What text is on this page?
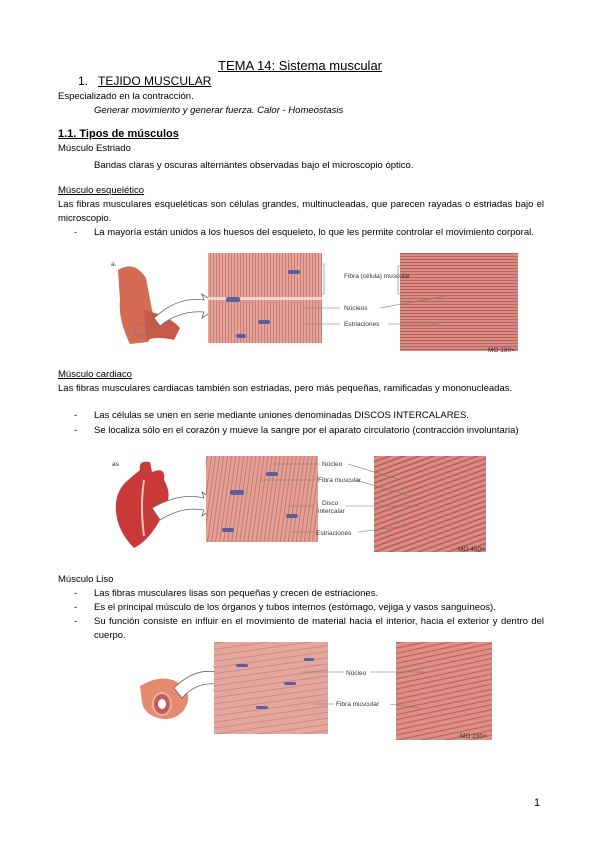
TEMA 14: Sistema muscular
1. TEJIDO MUSCULAR
Especializado en la contracción.
Generar movimiento y generar fuerza. Calor - Homeostasis
1.1. Tipos de músculos
Músculo Estriado
Bandas claras y oscuras alternantes observadas bajo el microscopio óptico.
Músculo esquelético
Las fibras musculares esqueléticas son células grandes, multinucleadas, que parecen rayadas o estriadas bajo el microscopio.
- La mayoría están unidos a los huesos del esqueleto, lo que les permite controlar el movimiento corporal.
a.
Fibra (célula) muscular
Núcleos
Estriaciones
MO 180×
Músculo cardiaco
Las fibras musculares cardiacas también son estriadas, pero más pequeñas, ramificadas y mononucleadas.
- Las células se unen en serie mediante uniones denominadas DISCOS INTERCALARES.
- Se localiza sólo en el corazón y mueve la sangre por el aparato circulatorio (contracción involuntaria)
as	Núcleo
Fibra muscular
Disco
intercalar
Estriaciones
MO 450×
Músculo Liso
- Las fibras musculares lisas son pequeñas y crecen de estriaciones.
- Es el principal músculo de los órganos y tubos internos (estómago, vejiga y vasos sanguíneos).
- Su función consiste en influir en el movimiento de material hacia el interior, hacia el exterior y dentro del cuerpo.
Núcleo
Fibra muscular
MO 230×
1
